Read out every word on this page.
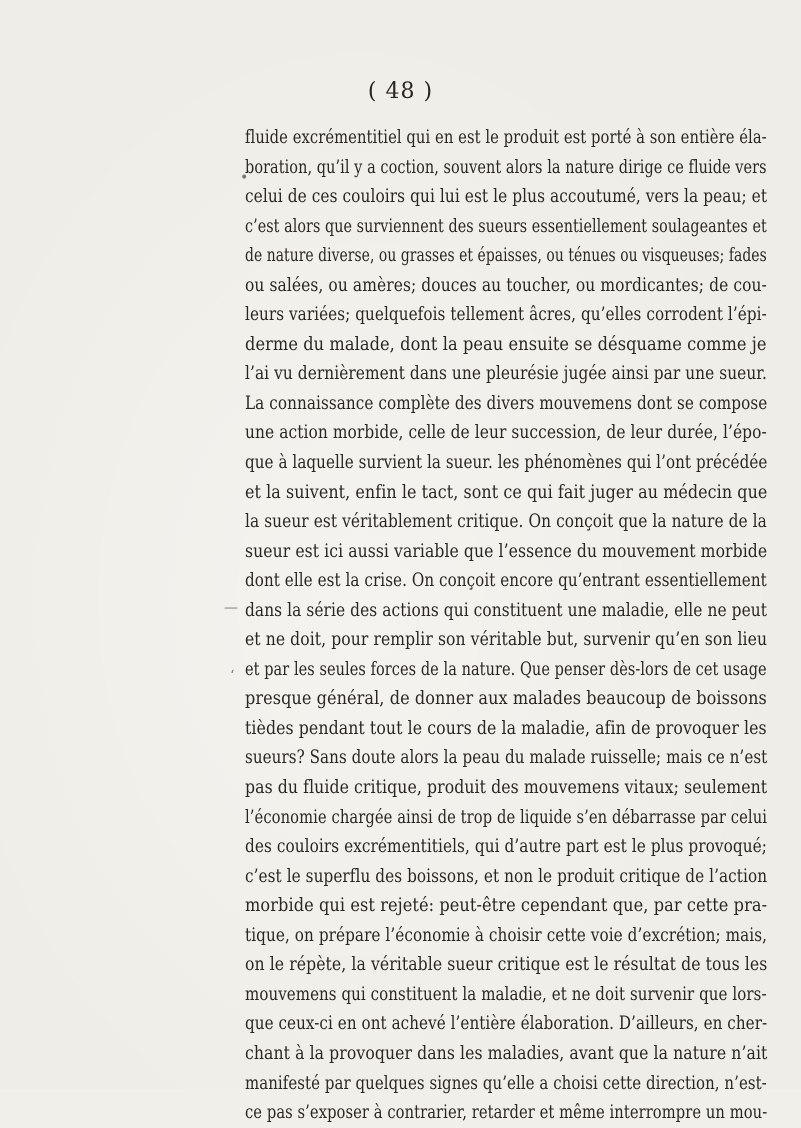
( 48 )
fluide excrémentitiel qui en est le produit est porté à son entière éla-
boration, qu’il y a coction, souvent alors la nature dirige ce fluide vers
celui de ces couloirs qui lui est le plus accoutumé, vers la peau; et
c’est alors que surviennent des sueurs essentiellement soulageantes et
de nature diverse, ou grasses et épaisses, ou ténues ou visqueuses; fades
ou salées, ou amères; douces au toucher, ou mordicantes; de cou-
leurs variées; quelquefois tellement âcres, qu’elles corrodent l’épi-
derme du malade, dont la peau ensuite se désquame comme je
l’ai vu dernièrement dans une pleurésie jugée ainsi par une sueur.
La connaissance complète des divers mouvemens dont se compose
une action morbide, celle de leur succession, de leur durée, l’épo-
que à laquelle survient la sueur. les phénomènes qui l’ont précédée
et la suivent, enfin le tact, sont ce qui fait juger au médecin que
la sueur est véritablement critique. On conçoit que la nature de la
sueur est ici aussi variable que l’essence du mouvement morbide
dont elle est la crise. On conçoit encore qu’entrant essentiellement
dans la série des actions qui constituent une maladie, elle ne peut
et ne doit, pour remplir son véritable but, survenir qu’en son lieu
et par les seules forces de la nature. Que penser dès-lors de cet usage
presque général, de donner aux malades beaucoup de boissons
tièdes pendant tout le cours de la maladie, afin de provoquer les
sueurs? Sans doute alors la peau du malade ruisselle; mais ce n’est
pas du fluide critique, produit des mouvemens vitaux; seulement
l’économie chargée ainsi de trop de liquide s’en débarrasse par celui
des couloirs excrémentitiels, qui d’autre part est le plus provoqué;
c’est le superflu des boissons, et non le produit critique de l’action
morbide qui est rejeté: peut-être cependant que, par cette pra-
tique, on prépare l’économie à choisir cette voie d’excrétion; mais,
on le répète, la véritable sueur critique est le résultat de tous les
mouvemens qui constituent la maladie, et ne doit survenir que lors-
que ceux-ci en ont achevé l’entière élaboration. D’ailleurs, en cher-
chant à la provoquer dans les maladies, avant que la nature n’ait
manifesté par quelques signes qu’elle a choisi cette direction, n’est-
ce pas s’exposer à contrarier, retarder et même interrompre un mou-
•
—
‘
